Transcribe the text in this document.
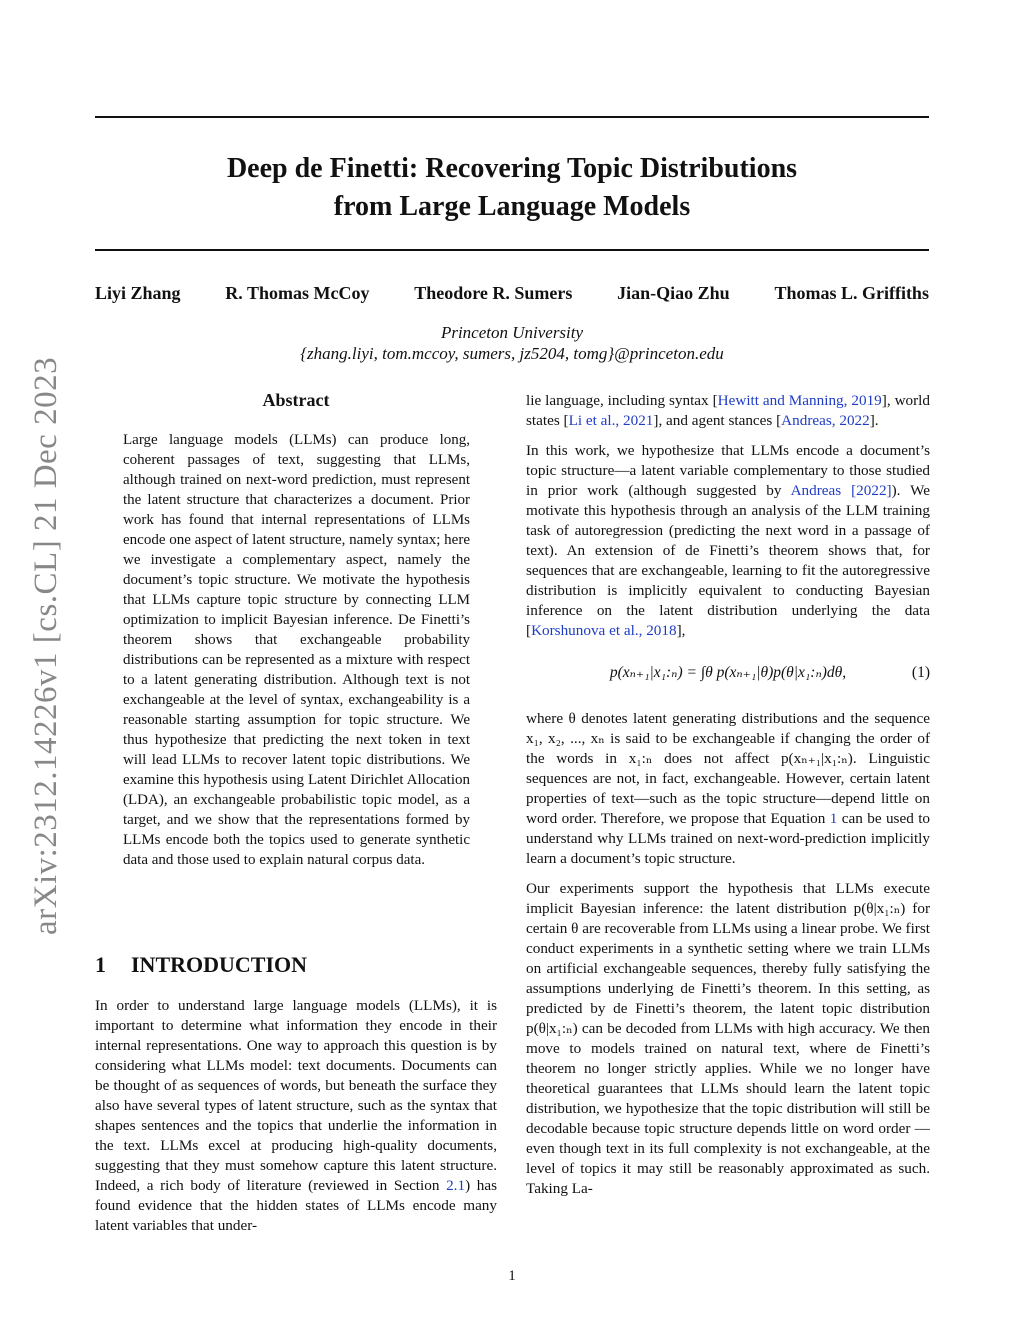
Deep de Finetti: Recovering Topic Distributions
from Large Language Models
Liyi Zhang R. Thomas McCoy Theodore R. Sumers Jian-Qiao Zhu Thomas L. Griffiths
Princeton University
{zhang.liyi, tom.mccoy, sumers, jz5204, tomg}@princeton.edu
arXiv:2312.14226v1 [cs.CL] 21 Dec 2023	Abstract
Large language models (LLMs) can produce long, coherent passages of text, suggesting that LLMs, although trained on next-word prediction, must represent the latent structure that characterizes a document. Prior work has found that internal representations of LLMs encode one aspect of latent structure, namely syntax; here we investigate a complementary aspect, namely the document’s topic structure. We motivate the hypothesis that LLMs capture topic structure by connecting LLM optimization to implicit Bayesian inference. De Finetti’s theorem shows that exchangeable probability distributions can be represented as a mixture with respect to a latent generating distribution. Although text is not exchangeable at the level of syntax, exchangeability is a reasonable starting assumption for topic structure. We thus hypothesize that predicting the next token in text will lead LLMs to recover latent topic distributions. We examine this hypothesis using Latent Dirichlet Allocation (LDA), an exchangeable probabilistic topic model, as a target, and we show that the representations formed by LLMs encode both the topics used to generate synthetic data and those used to explain natural corpus data.
1 INTRODUCTION

In order to understand large language models (LLMs), it is important to determine what information they encode in their internal representations. One way to approach this question is by considering what LLMs model: text documents. Documents can be thought of as sequences of words, but beneath the surface they also have several types of latent structure, such as the syntax that shapes sentences and the topics that underlie the information in the text. LLMs excel at producing high-quality documents, suggesting that they must somehow capture this latent structure. Indeed, a rich body of literature (reviewed in Section 2.1) has found evidence that the hidden states of LLMs encode many latent variables that under-

lie language, including syntax [Hewitt and Manning, 2019], world states [Li et al., 2021], and agent stances [Andreas, 2022].

In this work, we hypothesize that LLMs encode a document’s topic structure—a latent variable complementary to those studied in prior work (although suggested by Andreas [2022]). We motivate this hypothesis through an analysis of the LLM training task of autoregression (predicting the next word in a passage of text). An extension of de Finetti’s theorem shows that, for sequences that are exchangeable, learning to fit the autoregressive distribution is implicitly equivalent to conducting Bayesian inference on the latent distribution underlying the data [Korshunova et al., 2018],

p(xₙ₊₁|x₁:ₙ) = ∫θ p(xₙ₊₁|θ)p(θ|x₁:ₙ)dθ,	(1)

where θ denotes latent generating distributions and the sequence x₁, x₂, ..., xₙ is said to be exchangeable if changing the order of the words in x₁:ₙ does not affect p(xₙ₊₁|x₁:ₙ). Linguistic sequences are not, in fact, exchangeable. However, certain latent properties of text—such as the topic structure—depend little on word order. Therefore, we propose that Equation 1 can be used to understand why LLMs trained on next-word-prediction implicitly learn a document’s topic structure.

Our experiments support the hypothesis that LLMs execute implicit Bayesian inference: the latent distribution p(θ|x₁:ₙ) for certain θ are recoverable from LLMs using a linear probe. We first conduct experiments in a synthetic setting where we train LLMs on artificial exchangeable sequences, thereby fully satisfying the assumptions underlying de Finetti’s theorem. In this setting, as predicted by de Finetti’s theorem, the latent topic distribution p(θ|x₁:ₙ) can be decoded from LLMs with high accuracy. We then move to models trained on natural text, where de Finetti’s theorem no longer strictly applies. While we no longer have theoretical guarantees that LLMs should learn the latent topic distribution, we hypothesize that the topic distribution will still be decodable because topic structure depends little on word order — even though text in its full complexity is not exchangeable, at the level of topics it may still be reasonably approximated as such. Taking La-

1
